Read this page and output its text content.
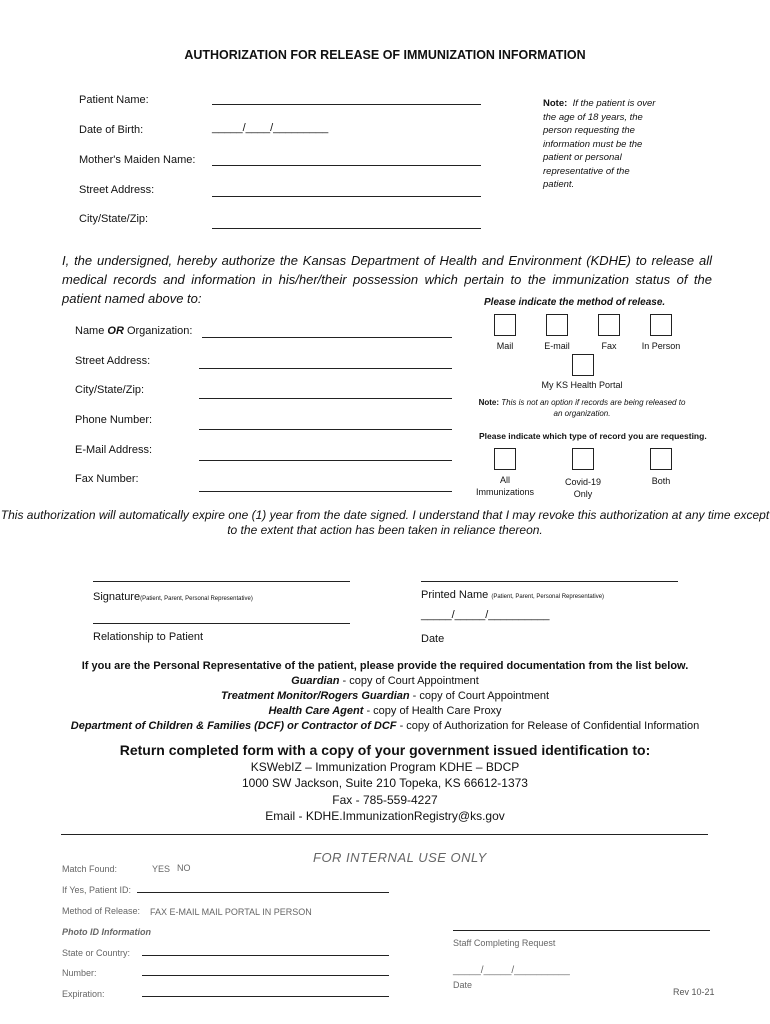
AUTHORIZATION FOR RELEASE OF IMMUNIZATION INFORMATION
Patient Name:
Date of Birth:	_____/____/_________
Mother's Maiden Name:
Street Address:
City/State/Zip:
Note: If the patient is over the age of 18 years, the person requesting the information must be the patient or personal representative of the patient.
I, the undersigned, hereby authorize the Kansas Department of Health and Environment (KDHE) to release all medical records and information in his/her/their possession which pertain to the immunization status of the patient named above to:
Name OR Organization:
Street Address:
City/State/Zip:
Phone Number:
E-Mail Address:
Fax Number:
Please indicate the method of release.
Mail	E-mail	Fax	In Person
My KS Health Portal
Note: This is not an option if records are being released to an organization.
Please indicate which type of record you are requesting.
All
Immunizations
Covid-19
Only
Both
This authorization will automatically expire one (1) year from the date signed. I understand that I may revoke this authorization at any time except to the extent that action has been taken in reliance thereon.
Signature(Patient, Parent, Personal Representative)	Printed Name (Patient, Parent, Personal Representative)
_____/_____/__________
Relationship to Patient	Date
If you are the Personal Representative of the patient, please provide the required documentation from the list below.
Guardian - copy of Court Appointment
Treatment Monitor/Rogers Guardian - copy of Court Appointment
Health Care Agent - copy of Health Care Proxy
Department of Children & Families (DCF) or Contractor of DCF - copy of Authorization for Release of Confidential Information
Return completed form with a copy of your government issued identification to:
KSWebIZ – Immunization Program KDHE – BDCP
1000 SW Jackson, Suite 210 Topeka, KS 66612-1373
Fax - 785-559-4227
Email - KDHE.ImmunizationRegistry@ks.gov
FOR INTERNAL USE ONLY
Match Found:	YES NO
If Yes, Patient ID:
Method of Release: FAX E-MAIL MAIL PORTAL IN PERSON
Photo ID Information
State or Country:
Number:
Expiration:
Staff Completing Request
_____/_____/__________
Date
Rev 10-21
